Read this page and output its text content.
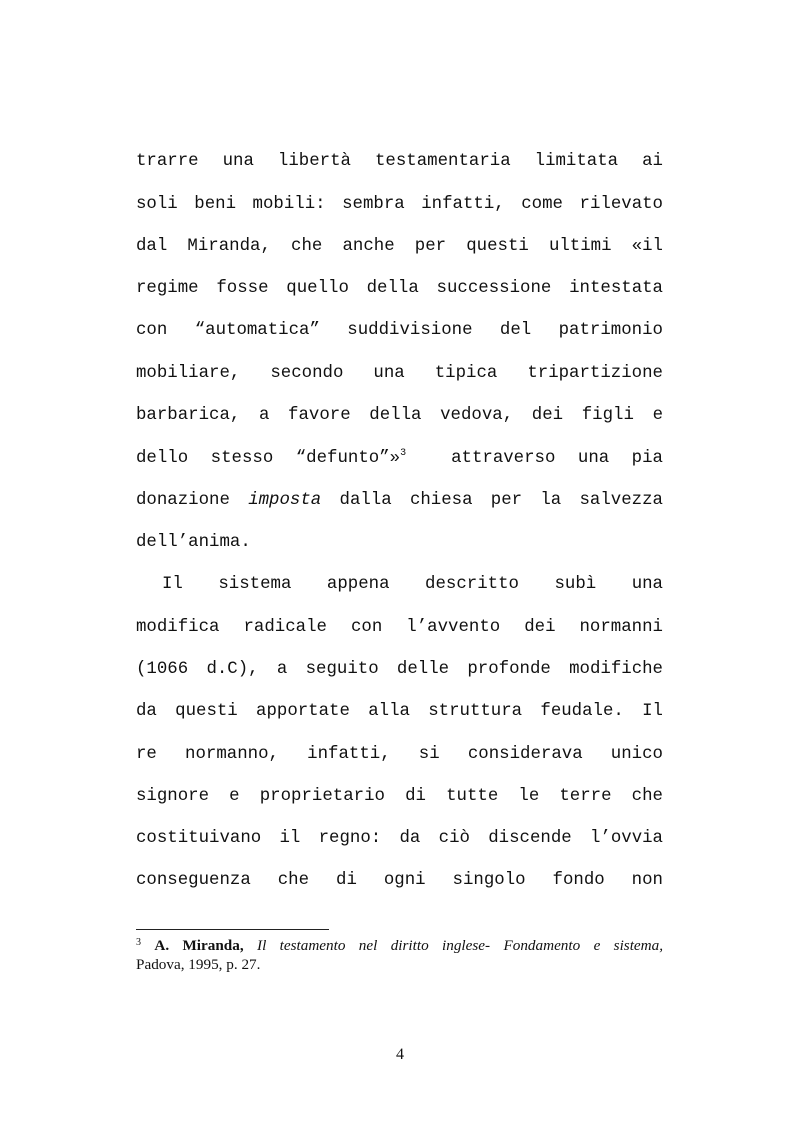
trarre una libertà testamentaria limitata ai
soli beni mobili: sembra infatti, come rilevato
dal Miranda, che anche per questi ultimi «il
regime fosse quello della successione intestata
con “automatica” suddivisione del patrimonio
mobiliare, secondo una tipica tripartizione
barbarica, a favore della vedova, dei figli e
dello stesso “defunto”»$^3$  attraverso una pia
donazione imposta dalla chiesa per la salvezza
dell’anima.
Il sistema appena descritto subì una
modifica radicale con l’avvento dei normanni
(1066 d.C), a seguito delle profonde modifiche
da questi apportate alla struttura feudale. Il
re normanno, infatti, si considerava unico
signore e proprietario di tutte le terre che
costituivano il regno: da ciò discende l’ovvia
conseguenza che di ogni singolo fondo non
$^3$ A. Miranda, Il testamento nel diritto inglese- Fondamento e sistema,
Padova, 1995, p. 27.
4
